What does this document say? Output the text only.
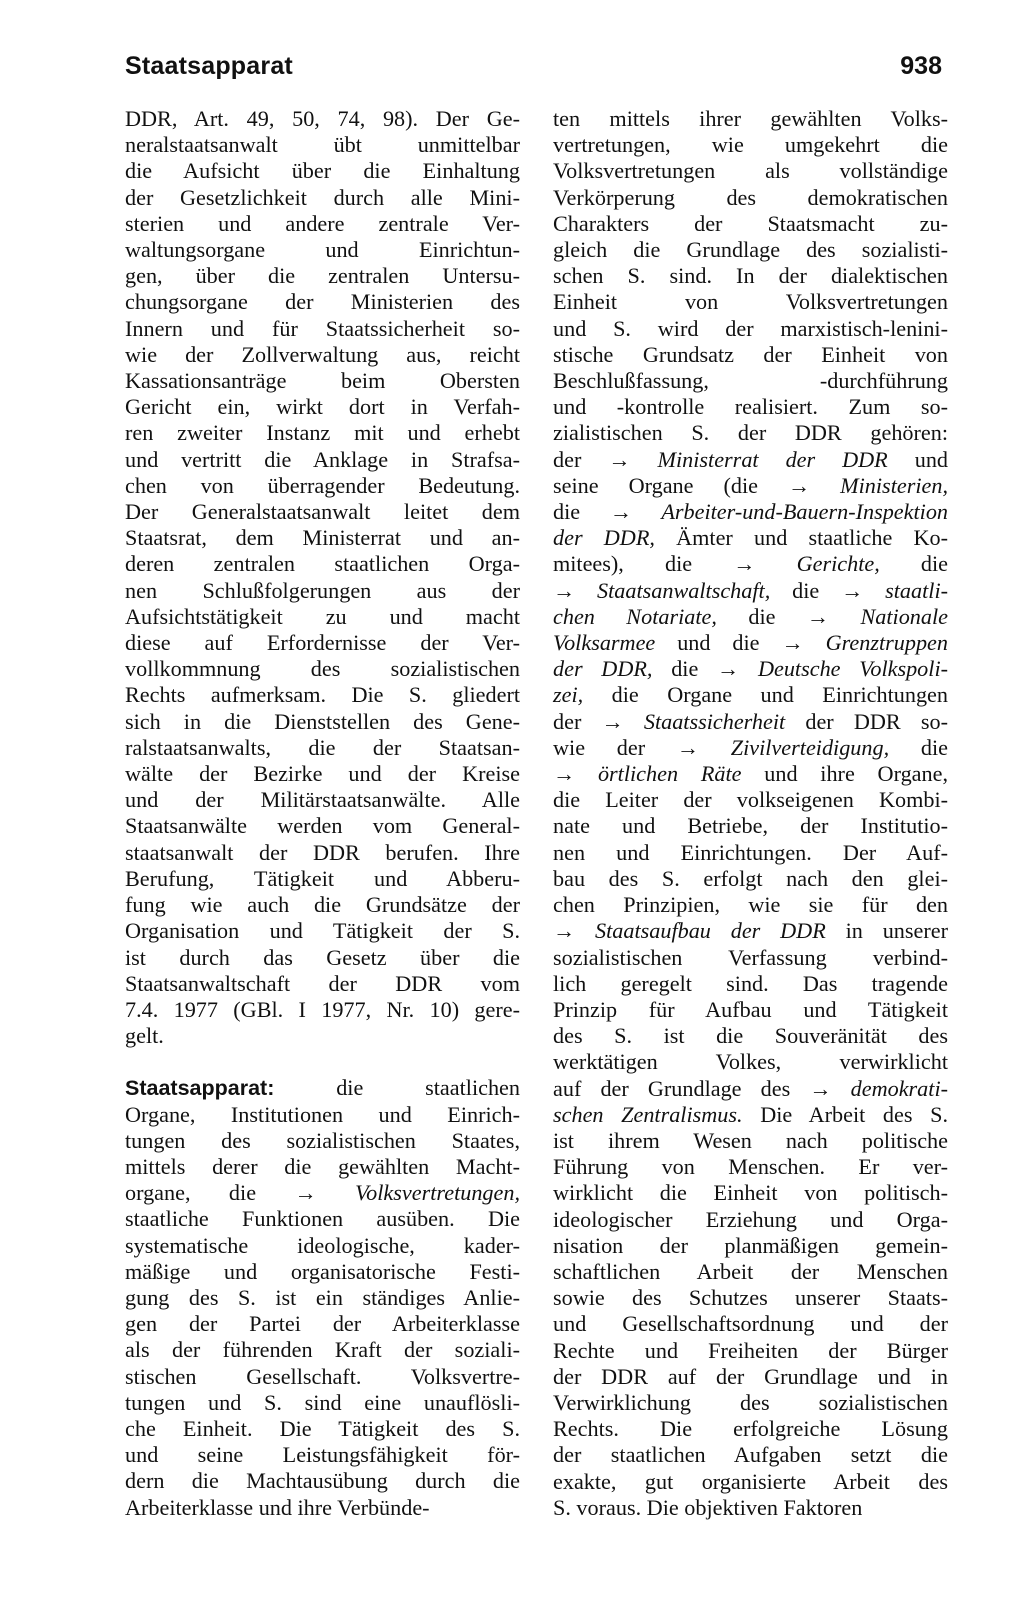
Staatsapparat	938
DDR, Art. 49, 50, 74, 98). Der Ge-
neralstaatsanwalt übt unmittelbar
die Aufsicht über die Einhaltung
der Gesetzlichkeit durch alle Mini-
sterien und andere zentrale Ver-
waltungsorgane und Einrichtun-
gen, über die zentralen Untersu-
chungsorgane der Ministerien des
Innern und für Staatssicherheit so-
wie der Zollverwaltung aus, reicht
Kassationsanträge beim Obersten
Gericht ein, wirkt dort in Verfah-
ren zweiter Instanz mit und erhebt
und vertritt die Anklage in Strafsa-
chen von überragender Bedeutung.
Der Generalstaatsanwalt leitet dem
Staatsrat, dem Ministerrat und an-
deren zentralen staatlichen Orga-
nen Schlußfolgerungen aus der
Aufsichtstätigkeit zu und macht
diese auf Erfordernisse der Ver-
vollkommnung des sozialistischen
Rechts aufmerksam. Die S. gliedert
sich in die Dienststellen des Gene-
ralstaatsanwalts, die der Staatsan-
wälte der Bezirke und der Kreise
und der Militärstaatsanwälte. Alle
Staatsanwälte werden vom General-
staatsanwalt der DDR berufen. Ihre
Berufung, Tätigkeit und Abberu-
fung wie auch die Grundsätze der
Organisation und Tätigkeit der S.
ist durch das Gesetz über die
Staatsanwaltschaft der DDR vom
7.4. 1977 (GBl. I 1977, Nr. 10) gere-
gelt.
Staatsapparat: die staatlichen
Organe, Institutionen und Einrich-
tungen des sozialistischen Staates,
mittels derer die gewählten Macht-
organe, die → Volksvertretungen,
staatliche Funktionen ausüben. Die
systematische ideologische, kader-
mäßige und organisatorische Festi-
gung des S. ist ein ständiges Anlie-
gen der Partei der Arbeiterklasse
als der führenden Kraft der soziali-
stischen Gesellschaft. Volksvertre-
tungen und S. sind eine unauflösli-
che Einheit. Die Tätigkeit des S.
und seine Leistungsfähigkeit för-
dern die Machtausübung durch die
Arbeiterklasse und ihre Verbünde-
ten mittels ihrer gewählten Volks-
vertretungen, wie umgekehrt die
Volksvertretungen als vollständige
Verkörperung des demokratischen
Charakters der Staatsmacht zu-
gleich die Grundlage des sozialisti-
schen S. sind. In der dialektischen
Einheit von Volksvertretungen
und S. wird der marxistisch-lenini-
stische Grundsatz der Einheit von
Beschlußfassung, -durchführung
und -kontrolle realisiert. Zum so-
zialistischen S. der DDR gehören:
der → Ministerrat der DDR und
seine Organe (die → Ministerien,
die → Arbeiter-und-Bauern-Inspektion
der DDR, Ämter und staatliche Ko-
mitees), die → Gerichte, die
→ Staatsanwaltschaft, die → staatli-
chen Notariate, die → Nationale
Volksarmee und die → Grenztruppen
der DDR, die → Deutsche Volkspoli-
zei, die Organe und Einrichtungen
der → Staatssicherheit der DDR so-
wie der → Zivilverteidigung, die
→ örtlichen Räte und ihre Organe,
die Leiter der volkseigenen Kombi-
nate und Betriebe, der Institutio-
nen und Einrichtungen. Der Auf-
bau des S. erfolgt nach den glei-
chen Prinzipien, wie sie für den
→ Staatsaufbau der DDR in unserer
sozialistischen Verfassung verbind-
lich geregelt sind. Das tragende
Prinzip für Aufbau und Tätigkeit
des S. ist die Souveränität des
werktätigen Volkes, verwirklicht
auf der Grundlage des → demokrati-
schen Zentralismus. Die Arbeit des S.
ist ihrem Wesen nach politische
Führung von Menschen. Er ver-
wirklicht die Einheit von politisch-
ideologischer Erziehung und Orga-
nisation der planmäßigen gemein-
schaftlichen Arbeit der Menschen
sowie des Schutzes unserer Staats-
und Gesellschaftsordnung und der
Rechte und Freiheiten der Bürger
der DDR auf der Grundlage und in
Verwirklichung des sozialistischen
Rechts. Die erfolgreiche Lösung
der staatlichen Aufgaben setzt die
exakte, gut organisierte Arbeit des
S. voraus. Die objektiven Faktoren
